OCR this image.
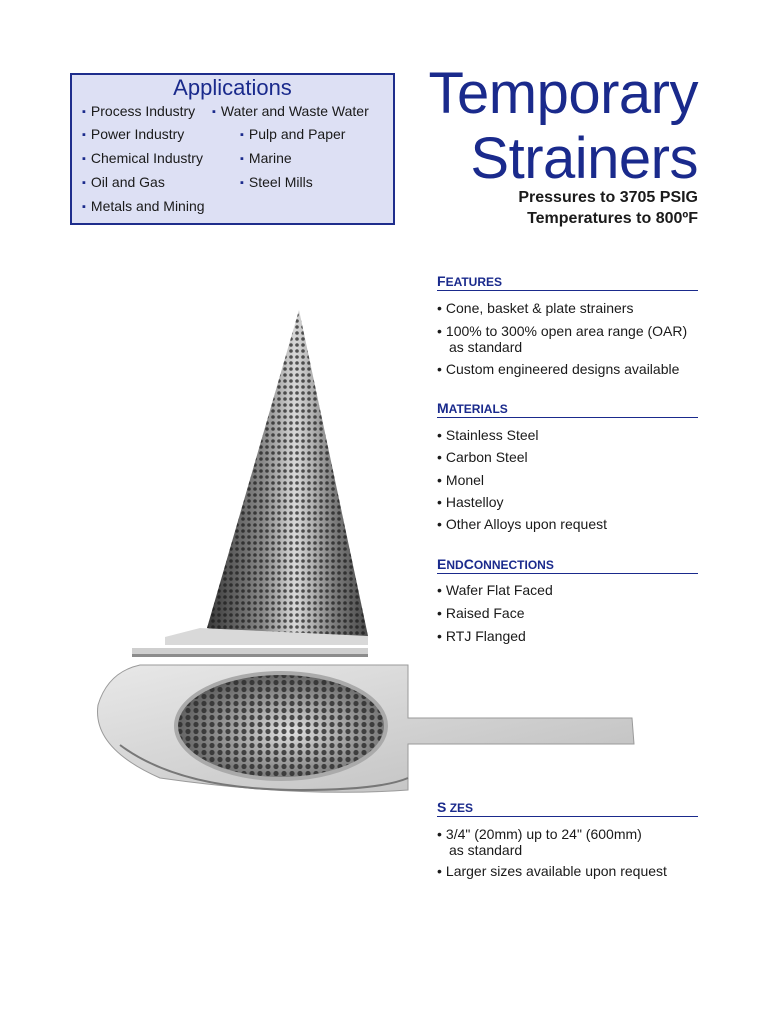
Applications
▪ Process Industry
▪ Power Industry
▪ Chemical Industry
▪ Oil and Gas
▪ Metals and Mining
▪ Water and Waste Water
▪ Pulp and Paper
▪ Marine
▪ Steel Mills
Temporary
Strainers
Pressures to 3705 PSIG
Temperatures to 800ºF
FEATURES
• Cone, basket & plate strainers
• 100% to 300% open area range (OAR)
as standard
• Custom engineered designs available
MATERIALS
• Stainless Steel
• Carbon Steel
• Monel
• Hastelloy
• Other Alloys upon request
ENDCONNECTIONS
• Wafer Flat Faced
• Raised Face
• RTJ Flanged
S ZES
• 3/4" (20mm) up to 24" (600mm)
as standard
• Larger sizes available upon request
